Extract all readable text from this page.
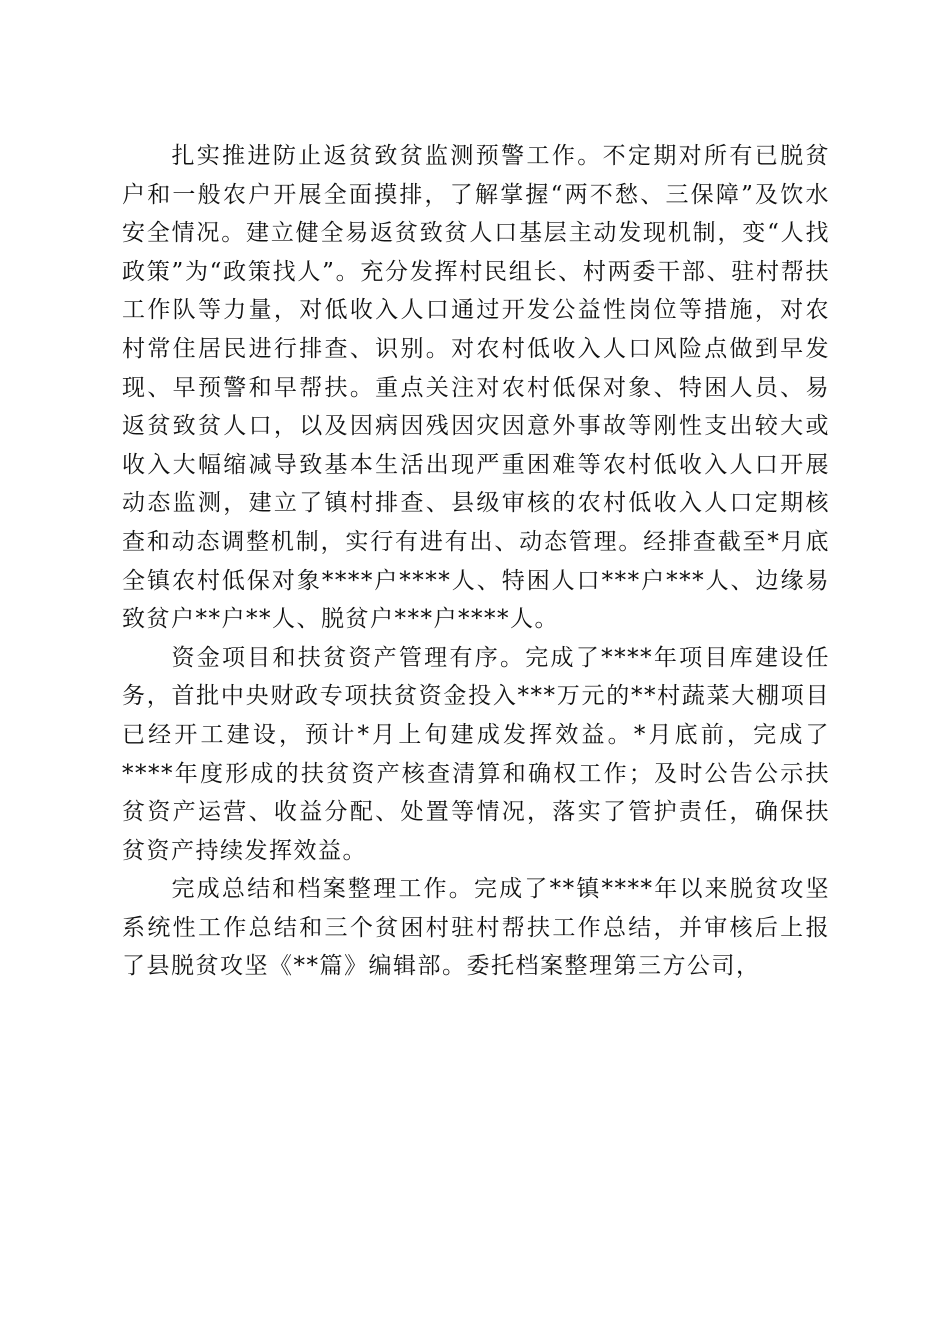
扎实推进防止返贫致贫监测预警工作。不定期对所有已脱贫户和一般农户开展全面摸排，了解掌握“两不愁、三保障”及饮水安全情况。建立健全易返贫致贫人口基层主动发现机制，变“人找政策”为“政策找人”。充分发挥村民组长、村两委干部、驻村帮扶工作队等力量，对低收入人口通过开发公益性岗位等措施，对农村常住居民进行排查、识别。对农村低收入人口风险点做到早发现、早预警和早帮扶。重点关注对农村低保对象、特困人员、易返贫致贫人口，以及因病因残因灾因意外事故等刚性支出较大或收入大幅缩减导致基本生活出现严重困难等农村低收入人口开展动态监测，建立了镇村排查、县级审核的农村低收入人口定期核查和动态调整机制，实行有进有出、动态管理。经排查截至*月底全镇农村低保对象****户****人、特困人口***户***人、边缘易致贫户**户**人、脱贫户***户****人。

资金项目和扶贫资产管理有序。完成了****年项目库建设任务，首批中央财政专项扶贫资金投入***万元的**村蔬菜大棚项目已经开工建设，预计*月上旬建成发挥效益。*月底前，完成了****年度形成的扶贫资产核查清算和确权工作；及时公告公示扶贫资产运营、收益分配、处置等情况，落实了管护责任，确保扶贫资产持续发挥效益。

完成总结和档案整理工作。完成了**镇****年以来脱贫攻坚系统性工作总结和三个贫困村驻村帮扶工作总结，并审核后上报了县脱贫攻坚《**篇》编辑部。委托档案整理第三方公司，
